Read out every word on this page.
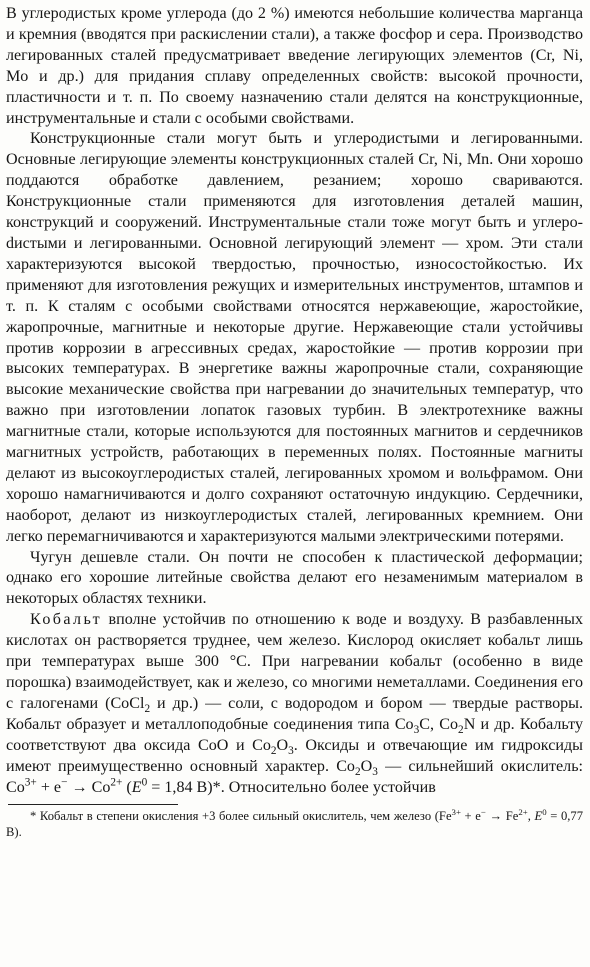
В углеродистых кроме углерода (до 2 %) имеются небольшие количества марганца и кремния (вводятся при раскислении стали), а также фосфор и сера. Производство легированных сталей предусматривает введение легирующих элементов (Cr, Ni, Mo и др.) для придания сплаву определенных свойств: высокой прочности, пластичности и т. п. По своему назначению стали делятся на конструкционные, инструментальные и стали с особыми свойствами.

Конструкционные стали могут быть и углеродистыми и легированными. Основные легирующие элементы конструкционных сталей Cr, Ni, Mn. Они хорошо поддаются обработке давлением, резанием; хорошо свариваются. Конструкционные стали применяются для изготовления деталей машин, конструкций и сооружений. Инструментальные стали тоже могут быть и углероdистыми и легированными. Основной легирующий элемент — хром. Эти стали характеризуются высокой твердостью, прочностью, износостойкостью. Их применяют для изготовления режущих и измерительных инструментов, штампов и т. п. К сталям с особыми свойствами относятся нержавеющие, жаростойкие, жаропрочные, магнитные и некоторые другие. Нержавеющие стали устойчивы против коррозии в агрессивных средах, жаростойкие — против коррозии при высоких температурах. В энергетике важны жаропрочные стали, сохраняющие высокие механические свойства при нагревании до значительных температур, что важно при изготовлении лопаток газовых турбин. В электротехнике важны магнитные стали, которые используются для постоянных магнитов и сердечников магнитных устройств, работающих в переменных полях. Постоянные магниты делают из высокоуглеродистых сталей, легированных хромом и вольфрамом. Они хорошо намагничиваются и долго сохраняют остаточную индукцию. Сердечники, наоборот, делают из низкоуглеродистых сталей, легированных кремнием. Они легко перемагничиваются и характеризуются малыми электрическими потерями.

Чугун дешевле стали. Он почти не способен к пластической деформации; однако его хорошие литейные свойства делают его незаменимым материалом в некоторых областях техники.

Кобальт вполне устойчив по отношению к воде и воздуху. В разбавленных кислотах он растворяется труднее, чем железо. Кислород окисляет кобальт лишь при температурах выше 300 °C. При нагревании кобальт (особенно в виде порошка) взаимодействует, как и железо, со многими неметаллами. Соединения его с галогенами (CoCl$_2$ и др.) — соли, с водородом и бором — твердые растворы. Кобальт образует и металлоподобные соединения типа $Co_3C$, $Co_2N$ и др. Кобальту соответствуют два оксида CoO и $Co_2O_3$. Оксиды и отвечающие им гидроксиды имеют преимущественно основный характер. $Co_2O_3$ — сильнейший окислитель: $Co^{3+} + e^- \to Co^{2+}$ ($E^0 = 1,84$ В)*. Относительно более устойчив

* Кобальт в степени окисления +3 более сильный окислитель, чем железо ($Fe^{3+} + e^- \to Fe^{2+}$, $E^0 = 0,77$ В).
